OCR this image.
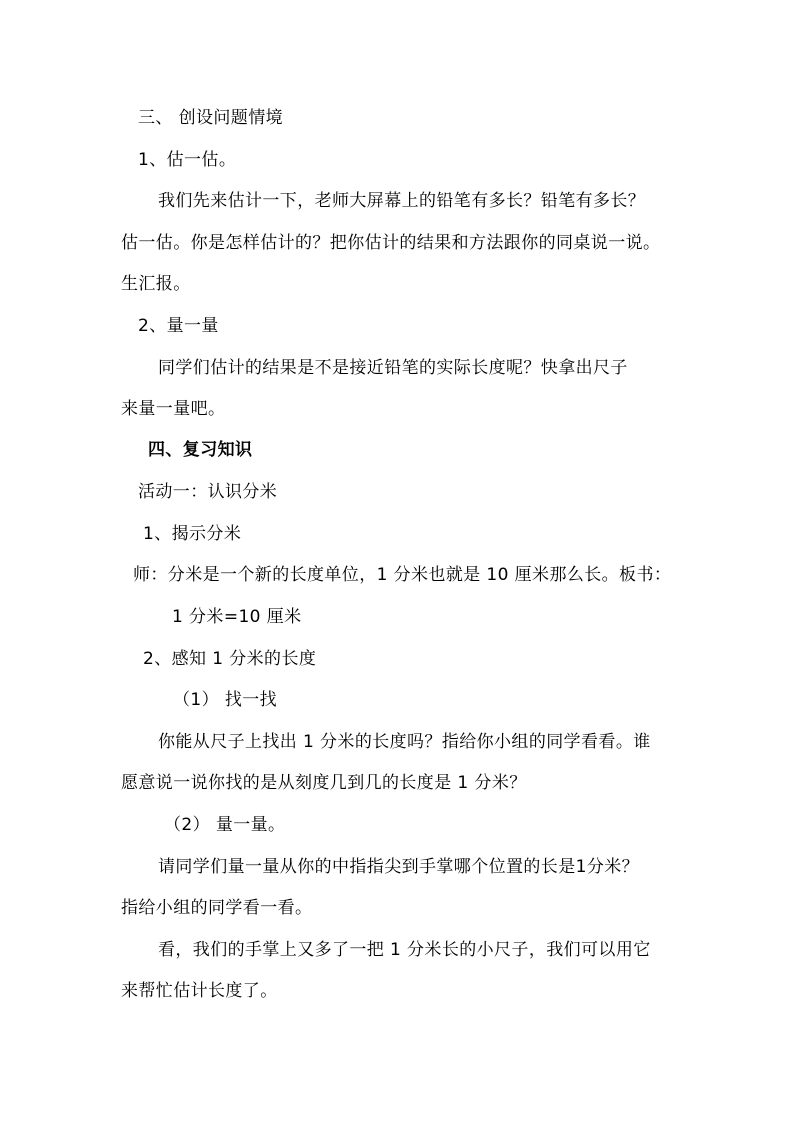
三、 创设问题情境
1、估一估。
我们先来估计一下，老师大屏幕上的铅笔有多长？铅笔有多长？
估一估。你是怎样估计的？把你估计的结果和方法跟你的同桌说一说。
生汇报。
2、量一量
同学们估计的结果是不是接近铅笔的实际长度呢？快拿出尺子
来量一量吧。
四、复习知识
活动一：认识分米
1、揭示分米
师：分米是一个新的长度单位，1 分米也就是 10 厘米那么长。板书：
1 分米=10 厘米
2、感知 1 分米的长度
（1） 找一找
你能从尺子上找出 1 分米的长度吗？指给你小组的同学看看。谁
愿意说一说你找的是从刻度几到几的长度是 1 分米？
（2） 量一量。
请同学们量一量从你的中指指尖到手掌哪个位置的长是1分米？
指给小组的同学看一看。
看，我们的手掌上又多了一把 1 分米长的小尺子，我们可以用它
来帮忙估计长度了。
